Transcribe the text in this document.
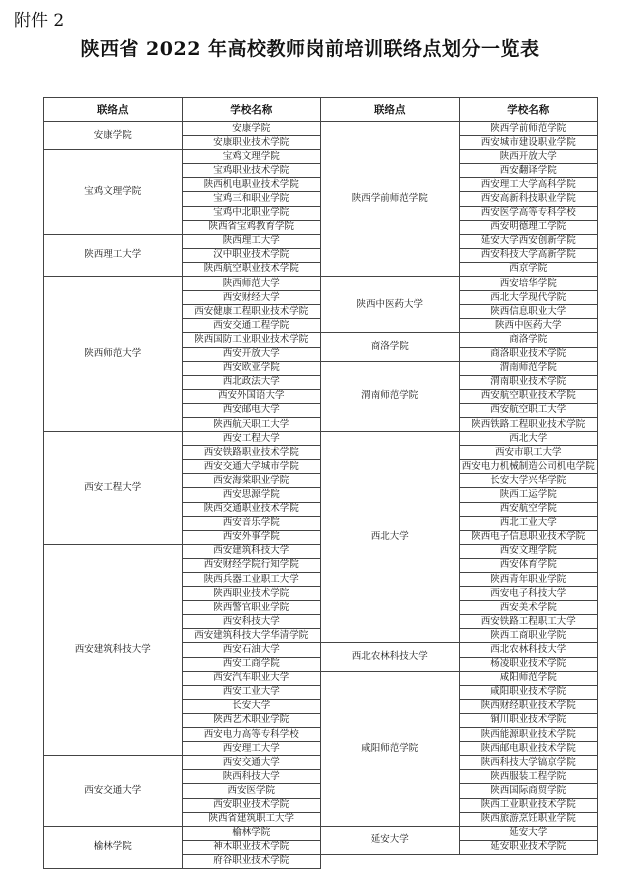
附件 2
陕西省 2022 年高校教师岗前培训联络点划分一览表
联络点	学校名称	联络点	学校名称
安康学院	安康学院	陕西学前师范学院	陕西学前师范学院
	安康职业技术学院		西安城市建设职业学院
宝鸡文理学院	宝鸡文理学院		陕西开放大学
	宝鸡职业技术学院		西安翻译学院
	陕西机电职业技术学院		西安理工大学高科学院
	宝鸡三和职业学院		西安高新科技职业学院
	宝鸡中北职业学院		西安医学高等专科学校
	陕西省宝鸡教育学院		西安明德理工学院
陕西理工大学	陕西理工大学		延安大学西安创新学院
	汉中职业技术学院		西安科技大学高新学院
	陕西航空职业技术学院		西京学院
陕西师范大学	陕西师范大学	陕西中医药大学	西安培华学院
	西安财经大学		西北大学现代学院
	西安健康工程职业技术学院		陕西信息职业大学
	西安交通工程学院		陕西中医药大学
	陕西国防工业职业技术学院	商洛学院	商洛学院
	西安开放大学		商洛职业技术学院
	西安欧亚学院	渭南师范学院	渭南师范学院
	西北政法大学		渭南职业技术学院
	西安外国语大学		西安航空职业技术学院
	西安邮电大学		西安航空职工大学
	陕西航天职工大学		陕西铁路工程职业技术学院
西安工程大学	西安工程大学	西北大学	西北大学
	西安铁路职业技术学院		西安市职工大学
	西安交通大学城市学院		西安电力机械制造公司机电学院
	西安海棠职业学院		长安大学兴华学院
	西安思源学院		陕西工运学院
	陕西交通职业技术学院		西安航空学院
	西安音乐学院		西北工业大学
	西安外事学院		陕西电子信息职业技术学院
西安建筑科技大学	西安建筑科技大学		西安文理学院
	西安财经学院行知学院		西安体育学院
	陕西兵器工业职工大学		陕西青年职业学院
	陕西职业技术学院		西安电子科技大学
	陕西警官职业学院		西安美术学院
	西安科技大学		西安铁路工程职工大学
	西安建筑科技大学华清学院		陕西工商职业学院
	西安石油大学	西北农林科技大学	西北农林科技大学
	西安工商学院		杨凌职业技术学院
	西安汽车职业大学	咸阳师范学院	咸阳师范学院
	西安工业大学		咸阳职业技术学院
	长安大学		陕西财经职业技术学院
	陕西艺术职业学院		铜川职业技术学院
	西安电力高等专科学校		陕西能源职业技术学院
	西安理工大学		陕西邮电职业技术学院
西安交通大学	西安交通大学		陕西科技大学镐京学院
	陕西科技大学		陕西服装工程学院
	西安医学院		陕西国际商贸学院
	西安职业技术学院		陕西工业职业技术学院
	陕西省建筑职工大学		陕西旅游烹饪职业学院
榆林学院	榆林学院	延安大学	延安大学
	神木职业技术学院		延安职业技术学院
	府谷职业技术学院		
